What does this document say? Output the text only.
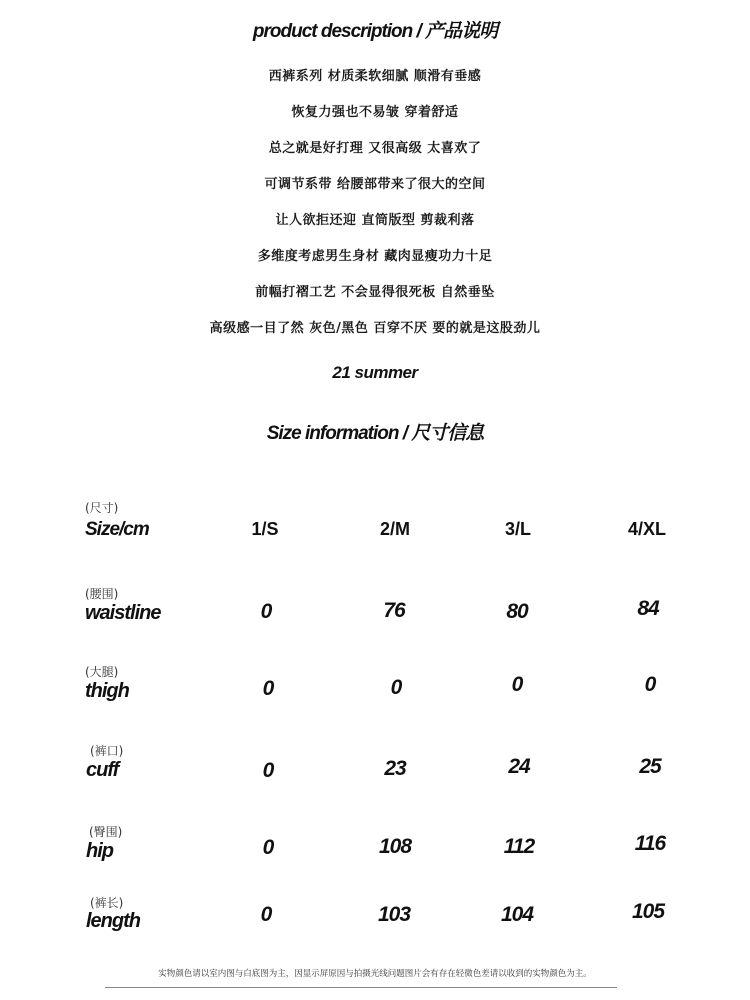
product description / 产品说明
西裤系列 材质柔软细腻 顺滑有垂感
恢复力强也不易皱 穿着舒适
总之就是好打理 又很高级 太喜欢了
可调节系带 给腰部带来了很大的空间
让人欲拒还迎 直筒版型 剪裁利落
多维度考虑男生身材 藏肉显瘦功力十足
前幅打褶工艺 不会显得很死板 自然垂坠
高级感一目了然 灰色/黑色 百穿不厌 要的就是这股劲儿
21 summer
Size information / 尺寸信息
(尺寸)
Size/cm	1/S	2/M	3/L	4/XL
(腰围)
waistline	0	76	80	84
(大腿)
thigh	0	0	0	0
(裤口)
cuff	0	23	24	25
(臀围)
hip	0	108	112	116
(裤长)
length	0	103	104	105
实物颜色请以室内图与白底图为主，因显示屏原因与拍摄光线问题图片会有存在轻微色差请以收到的实物颜色为主。
